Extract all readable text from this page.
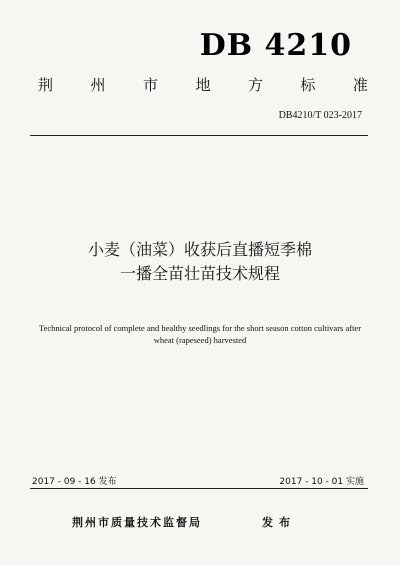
DB 4210
荆 州 市 地 方 标 准
DB4210/T 023-2017
小麦（油菜）收获后直播短季棉
一播全苗壮苗技术规程
Technical protocol of complete and healthy seedlings for the short season cotton cultivars after
wheat (rapeseed) harvested
2017 - 09 - 16 发布	2017 - 10 - 01 实施
荆州市质量技术监督局	发布
